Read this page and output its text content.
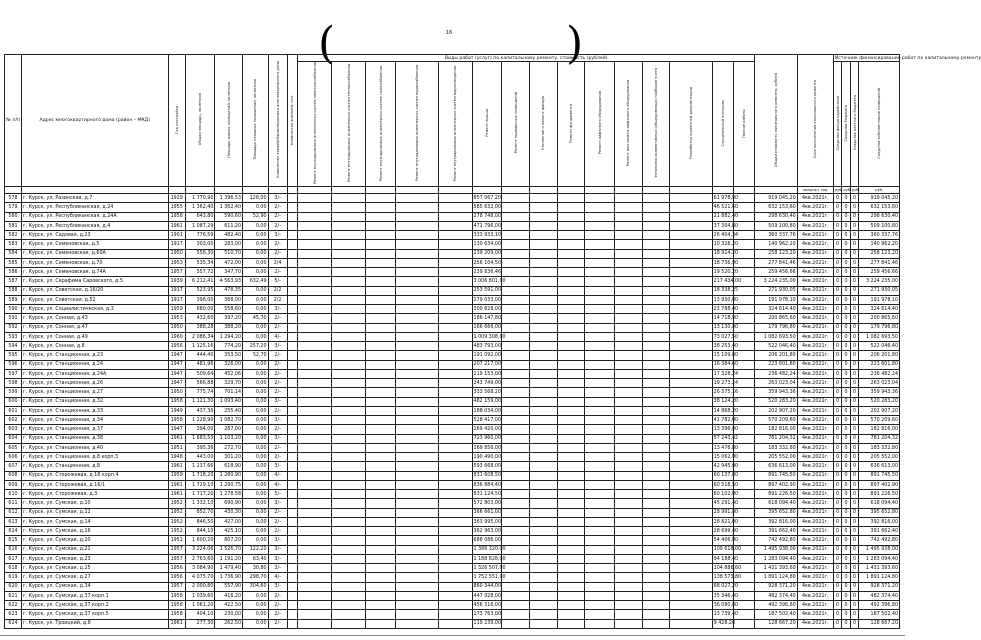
(	16	)
№ п/п	Адрес многоквартирного дома (район – МКД)	Год постройки	Общая площадь, кв.метров	Площадь жилых помещений, кв.метров	Площадь нежилых помещений, кв.метров	Количество этажей/Характеристика многоквартирного дома	Количество жителей, чел.	Виды работ (услуг) по капитальному ремонту, стоимость (рублей)															Общая стоимость капитального ремонта, рублей	Срок выполнения капитального ремонта	Источник финансирования работ по капитальному ремонту			
								Ремонт внутридомовых инженерных систем электроснабжения	Ремонт внутридомовых инженерных систем теплоснабжения	Ремонт внутридомовых инженерных систем газоснабжения	Ремонт внутридомовых инженерных систем водоснабжения	Ремонт внутридомовых инженерных систем водоотведения	Ремонт крыши	Ремонт подвальных помещений	Утепление и ремонт фасада	Ремонт фундамента	Ремонт лифтового оборудования	Ремонт или замена лифтового оборудования	Установка коллективных (общедомовых) приборов учета	Разработка проектной документации	Строительный контроль	Прочие работы			Средства фонда содействия	Средства бюджета	Средства местного бюджета	Средства собственников помещений
																								квартал, год	руб.	руб.	руб.	руб.
578	г. Курск, ул. Разинская, д.7	1929	1 770,90	1 396,53	128,00	3/-							857 067,20								61 978,00		919 045,20	4кв.2021г.	0	0	0	919 045,20
579	г. Курск, ул. Республиканская, д.24	1955	1 362,40	1 362,40	0,00	2/-							585 632,00								46 521,60		632 153,60	4кв.2021г.	0	0	0	632 153,60
580	г. Курск, ул. Республиканская, д.24А	1958	643,80	590,60	52,90	2/-							278 748,00								21 882,40		298 630,40	4кв.2021г.	0	0	0	298 630,40
581	г. Курск, ул. Республиканская, д.4	1961	1 087,29	611,20	0,00	2/-							471 796,00								37 304,80		509 100,80	4кв.2021г.	0	0	0	509 100,80
582	г. Курск, ул. Садовая, д.23	1901	776,59	482,40	0,00	3/-							333 933,10								26 404,34		360 337,76	4кв.2021г.	0	0	0	360 337,76
583	г. Курск, ул. Семеновская, д.5	1917	303,00	283,00	0,00	2/-							130 634,00								10 328,20		140 962,20	4кв.2021г.	0	0	0	140 962,20
584	г. Курск, ул. Семеновская, д.60А	1950	556,30	510,70	0,00	2/-							239 209,00								18 914,20		258 123,20	4кв.2021г.	0	0	0	258 123,20
585	г. Курск, ул. Семеновская, д.70	1953	535,34	472,00	0,00	2/4							256 104,50								18 736,90		277 841,46	4кв.2021г.	0	0	0	277 841,46
586	г. Курск, ул. Семеновская, д.74А	1957	557,72	347,70	0,00	2/-							239 836,46								19 520,20		259 456,66	4кв.2021г.	0	0	0	259 456,66
587	г. Курск, ул. Серафима Саровского, д.5	1939	6 212,41	4 563,93	632,49	5/-							3 006 801,00								217 434,00		3 224 235,00	4кв.2021г.	0	0	0	3 224 235,00
588	г. Курск, ул. Советская, д.16/20	1917	523,95	478,35	0,00	2/2							253 591,00								18 338,25		271 930,05	4кв.2021г.	0	0	0	271 930,05
589	г. Курск, ул. Советская, д.52	1917	398,00	368,00	0,00	2/2							179 033,00								13 930,00		191 978,10	4кв.2021г.	0	0	0	191 978,10
590	г. Курск, ул. Социалистическая, д.3	1959	680,00	558,60	0,00	3/-							300 828,00								23 788,40		324 614,40	4кв.2021г.	0	0	0	324 614,40
591	г. Курск, ул. Сонная, д.43	1953	432,60	397,20	45,70	2/-							186 147,80								14 718,00		200 865,60	4кв.2021г.	0	0	0	200 865,60
592	г. Курск, ул. Сонная, д.47	1950	388,28	388,20	0,00	2/-							166 666,00								13 130,80		179 796,80	4кв.2021г.	0	0	0	179 796,80
593	г. Курск, ул. Сонная, д.49	1960	2 086,34	1 294,20	0,00	4/-							1 009 308,00								73 027,50		1 082 693,50	4кв.2021г.	0	0	0	1 082 693,50
594	г. Курск, ул. Сонная, д.8	1956	1 125,16	774,20	257,20	3/-							483 793,00								38 253,40		522 046,40	4кв.2021г.	0	0	0	522 046,40
595	г. Курск, ул. Станционная, д.23	1947	444,40	353,50	52,70	2/-							191 092,00								15 109,80		206 201,80	4кв.2021г.	0	0	0	206 201,80
596	г. Курск, ул. Станционная, д.24	1947	481,96	326,00	0,00	2/-							207 217,00								16 384,60		223 601,80	4кв.2021г.	0	0	0	223 601,80
597	г. Курск, ул. Станционная, д.24А	1947	509,64	452,06	0,00	2/-							219 153,00								17 328,24		236 482,24	4кв.2021г.	0	0	0	236 482,24
598	г. Курск, ул. Станционная, д.26	1947	566,88	329,70	0,00	2/-							243 749,00								19 273,24		263 023,04	4кв.2021г.	0	0	0	263 023,04
599	г. Курск, ул. Станционная, д.27	1950	775,74	701,14	0,00	2/-							333 568,20								26 375,16		359 943,36	4кв.2021г.	0	0	0	359 943,36
600	г. Курск, ул. Станционная, д.32	1958	1 121,30	1 093,40	0,00	3/-							482 159,00								38 124,20		520 283,20	4кв.2021г.	0	0	0	520 283,20
601	г. Курск, ул. Станционная, д.33	1949	437,36	255,40	0,00	2/-							188 034,00								14 868,20		202 907,20	4кв.2021г.	0	0	0	202 907,20
602	г. Курск, ул. Станционная, д.34	1958	1 228,90	1 082,70	0,00	3/-							528 417,00								41 782,00		570 209,60	4кв.2021г.	0	0	0	570 209,60
603	г. Курск, ул. Станционная, д.37	1947	394,00	287,00	0,00	2/-							169 420,00								13 396,00		182 816,00	4кв.2021г.	0	0	0	182 816,00
604	г. Курск, ул. Станционная, д.38	1961	1 683,53	1 103,20	0,00	3/-							723 960,00								57 243,42		781 204,32	4кв.2021г.	0	0	0	781 204,32
605	г. Курск, ул. Станционная, д.40	1951	395,36	272,70	0,00	2/-							169 856,00								13 476,80		183 332,80	4кв.2021г.	0	0	0	183 332,80
606	г. Курск, ул. Станционная, д.8 корп.3	1948	443,00	301,20	0,00	2/-							190 490,00								15 062,00		205 552,00	4кв.2021г.	0	0	0	205 552,00
607	г. Курск, ул. Станционная, д.8	1961	1 237,66	618,90	0,00	3/-							593 668,00								42 945,00		636 613,00	4кв.2021г.	0	0	0	636 613,00
608	г. Курск, ул. Сторожевая, д.16 корп.4	1959	1 718,20	1 280,90	0,00	4/-							831 608,50								60 137,00		891 745,50	4кв.2021г.	0	0	0	891 745,50
609	г. Курск, ул. Сторожевая, д.16/1	1961	1 729,10	1 290,75	0,00	4/-							836 884,40								60 518,50		897 402,90	4кв.2021г.	0	0	0	897 402,90
610	г. Курск, ул. Сторожевая, д.3	1961	1 717,20	1 278,58	0,00	5/-							831 124,50								60 102,00		891 226,50	4кв.2021г.	0	0	0	891 226,50
611	г. Курск, ул. Сумская, д.10	1952	1 332,10	690,90	0,00	3/-							572 803,00								45 291,40		618 094,40	4кв.2021г.	0	0	0	618 094,40
612	г. Курск, ул. Сумская, д.12	1952	852,70	430,30	0,00	2/-							366 661,00								28 991,80		395 652,80	4кв.2021г.	0	0	0	395 652,80
613	г. Курск, ул. Сумская, д.14	1952	846,50	427,00	0,00	2/-							363 995,00								28 821,00		392 816,00	4кв.2021г.	0	0	0	392 816,00
614	г. Курск, ул. Сумская, д.16	1952	844,10	425,10	0,00	2/-							362 963,00								28 699,40		391 662,40	4кв.2021г.	0	0	0	391 662,40
615	г. Курск, ул. Сумская, д.20	1951	1 600,20	807,20	0,00	3/-							688 086,00								54 406,80		742 492,80	4кв.2021г.	0	0	0	742 492,80
616	г. Курск, ул. Сумская, д.21	1957	3 224,06	1 526,70	122,20	3/-							1 386 320,00								109 618,00		1 495 938,00	4кв.2021г.	0	0	0	1 495 938,00
617	г. Курск, ул. Сумская, д.23	1957	2 763,60	1 191,20	63,40	3/-							1 188 828,00								94 188,40		1 283 094,40	4кв.2021г.	0	0	0	1 283 094,40
618	г. Курск, ул. Сумская, д.25	1956	3 084,90	1 479,40	30,80	3/-							1 326 507,00								104 886,60		1 431 393,60	4кв.2021г.	0	0	0	1 431 393,60
619	г. Курск, ул. Сумская, д.27	1956	4 075,70	1 736,90	298,70	4/-							1 752 551,00								138 573,80		1 891 124,80	4кв.2021г.	0	0	0	1 891 124,80
620	г. Курск, ул. Сумская, д.34	1957	2 000,80	557,90	304,60	3/-							860 344,00								68 027,20		928 371,20	4кв.2021г.	0	0	0	928 371,20
621	г. Курск, ул. Сумская, д.37 корп.1	1958	1 039,60	416,20	0,00	2/-							447 028,00								35 346,40		482 374,40	4кв.2021г.	0	0	0	482 374,40
622	г. Курск, ул. Сумская, д.37 корп.2	1958	1 061,20	422,50	0,00	2/-							456 316,00								36 080,80		492 396,80	4кв.2021г.	0	0	0	492 396,80
623	г. Курск, ул. Сумская, д.37 корп.5	1958	404,10	230,00	0,00	2/-							173 763,00								13 739,40		187 502,40	4кв.2021г.	0	0	0	187 502,40
624	г. Курск, ул. Троицкий, д.8	1961	277,30	262,50	0,00	2/-							119 239,00								9 428,20		128 667,20	4кв.2021г.	0	0	0	128 667,20
